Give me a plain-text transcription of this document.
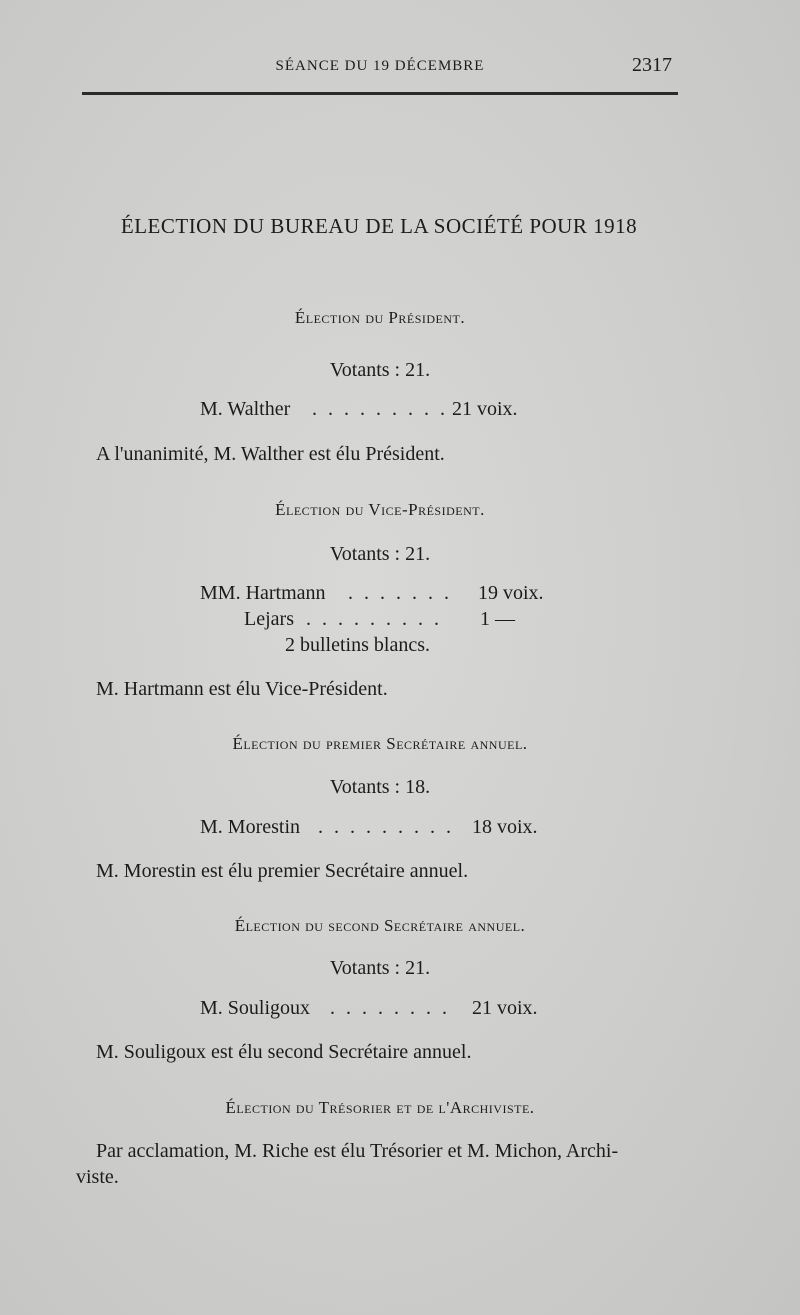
SÉANCE DU 19 DÉCEMBRE	2317
ÉLECTION DU BUREAU DE LA SOCIÉTÉ POUR 1918
Élection du Président.
Votants : 21.
M. Walther . . . . . . . . . 21 voix.
A l'unanimité, M. Walther est élu Président.
Élection du Vice-Président.
Votants : 21.
MM. Hartmann . . . . . . . 19 voix.
Lejars . . . . . . . . . 1 —
2 bulletins blancs.
M. Hartmann est élu Vice-Président.
Élection du premier Secrétaire annuel.
Votants : 18.
M. Morestin . . . . . . . . . 18 voix.
M. Morestin est élu premier Secrétaire annuel.
Élection du second Secrétaire annuel.
Votants : 21.
M. Souligoux . . . . . . . . 21 voix.
M. Souligoux est élu second Secrétaire annuel.
Élection du Trésorier et de l'Archiviste.
Par acclamation, M. Riche est élu Trésorier et M. Michon, Archi-
viste.
